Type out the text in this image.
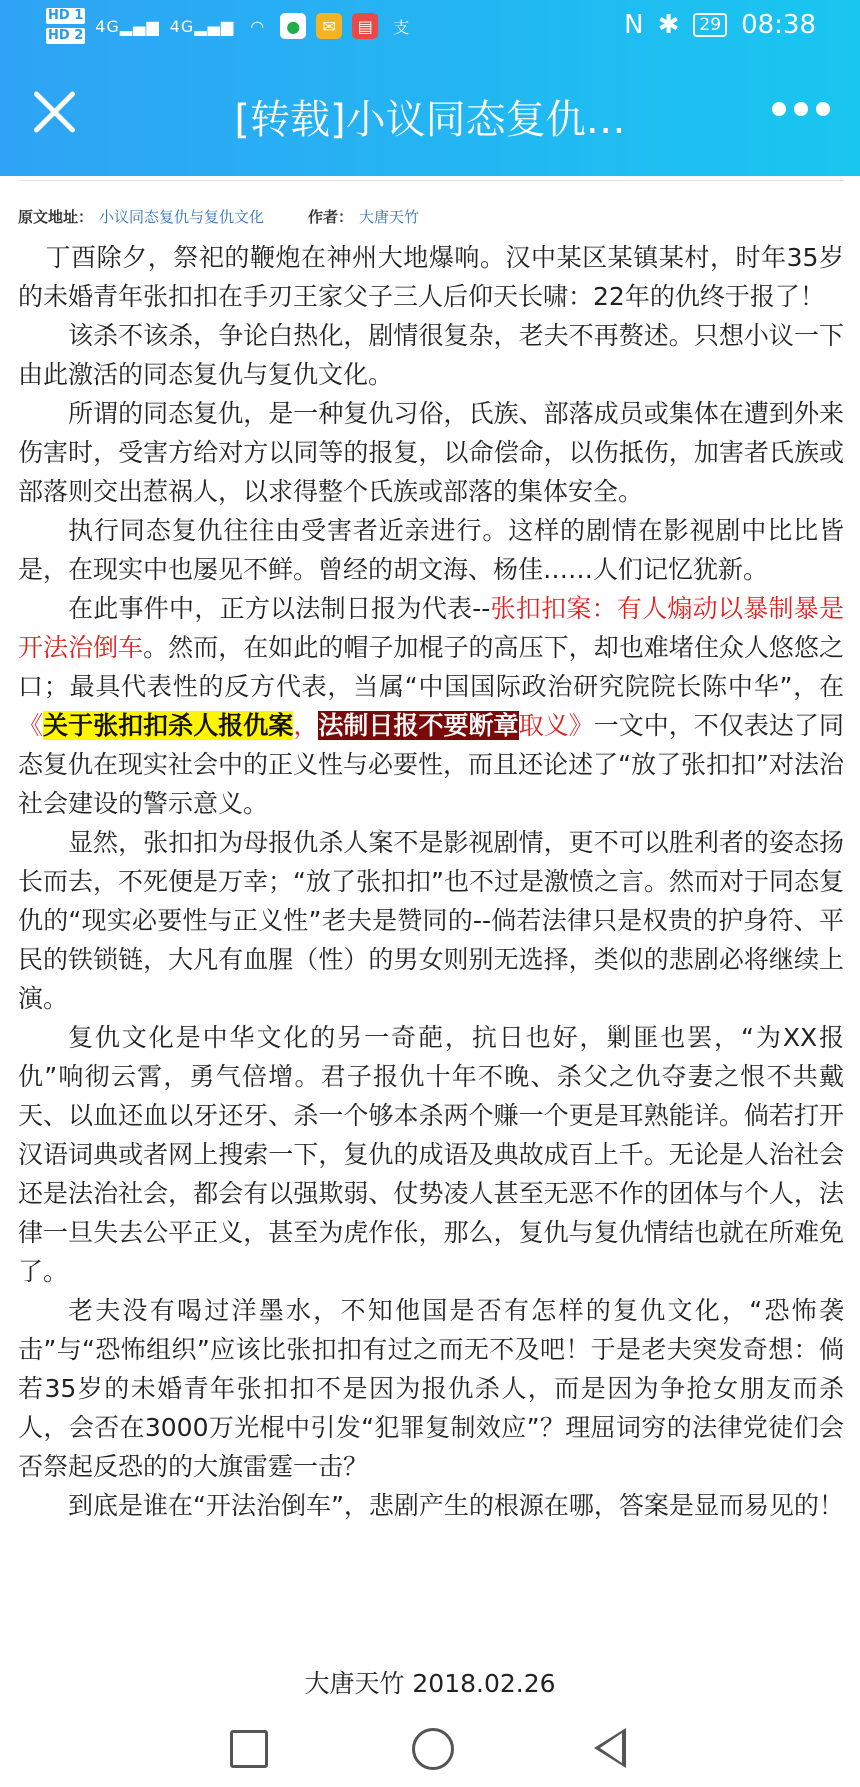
HD 1
HD 2 4G▂▄▆ 4G▂▄▆	◠	●	✉	▤	支	N ✱	29 08:38
[转载]小议同态复仇…
原文地址： 小议同态复仇与复仇文化	作者： 大唐天竹

丁酉除夕，祭祀的鞭炮在神州大地爆响。汉中某区某镇某村，时年35岁的未婚青年张扣扣在手刃王家父子三人后仰天长啸：22年的仇终于报了！

该杀不该杀，争论白热化，剧情很复杂，老夫不再赘述。只想小议一下由此激活的同态复仇与复仇文化。

所谓的同态复仇，是一种复仇习俗，氏族、部落成员或集体在遭到外来伤害时，受害方给对方以同等的报复，以命偿命，以伤抵伤，加害者氏族或部落则交出惹祸人，以求得整个氏族或部落的集体安全。

执行同态复仇往往由受害者近亲进行。这样的剧情在影视剧中比比皆是，在现实中也屡见不鲜。曾经的胡文海、杨佳……人们记忆犹新。

在此事件中，正方以法制日报为代表--张扣扣案：有人煽动以暴制暴是开法治倒车。然而，在如此的帽子加棍子的高压下，却也难堵住众人悠悠之口；最具代表性的反方代表，当属“中国国际政治研究院院长陈中华”，在《关于张扣扣杀人报仇案，法制日报不要断章取义》一文中，不仅表达了同态复仇在现实社会中的正义性与必要性，而且还论述了“放了张扣扣”对法治社会建设的警示意义。

显然，张扣扣为母报仇杀人案不是影视剧情，更不可以胜利者的姿态扬长而去，不死便是万幸；“放了张扣扣”也不过是激愤之言。然而对于同态复仇的“现实必要性与正义性”老夫是赞同的--倘若法律只是权贵的护身符、平民的铁锁链，大凡有血腥（性）的男女则别无选择，类似的悲剧必将继续上演。

复仇文化是中华文化的另一奇葩，抗日也好，剿匪也罢，“为XX报仇”响彻云霄，勇气倍增。君子报仇十年不晚、杀父之仇夺妻之恨不共戴天、以血还血以牙还牙、杀一个够本杀两个赚一个更是耳熟能详。倘若打开汉语词典或者网上搜索一下，复仇的成语及典故成百上千。无论是人治社会还是法治社会，都会有以强欺弱、仗势凌人甚至无恶不作的团体与个人，法律一旦失去公平正义，甚至为虎作伥，那么，复仇与复仇情结也就在所难免了。

老夫没有喝过洋墨水，不知他国是否有怎样的复仇文化，“恐怖袭击”与“恐怖组织”应该比张扣扣有过之而无不及吧！于是老夫突发奇想：倘若35岁的未婚青年张扣扣不是因为报仇杀人，而是因为争抢女朋友而杀人，会否在3000万光棍中引发“犯罪复制效应”？理屈词穷的法律党徒们会否祭起反恐的的大旗雷霆一击？

到底是谁在“开法治倒车”，悲剧产生的根源在哪，答案是显而易见的！

大唐天竹 2018.02.26
